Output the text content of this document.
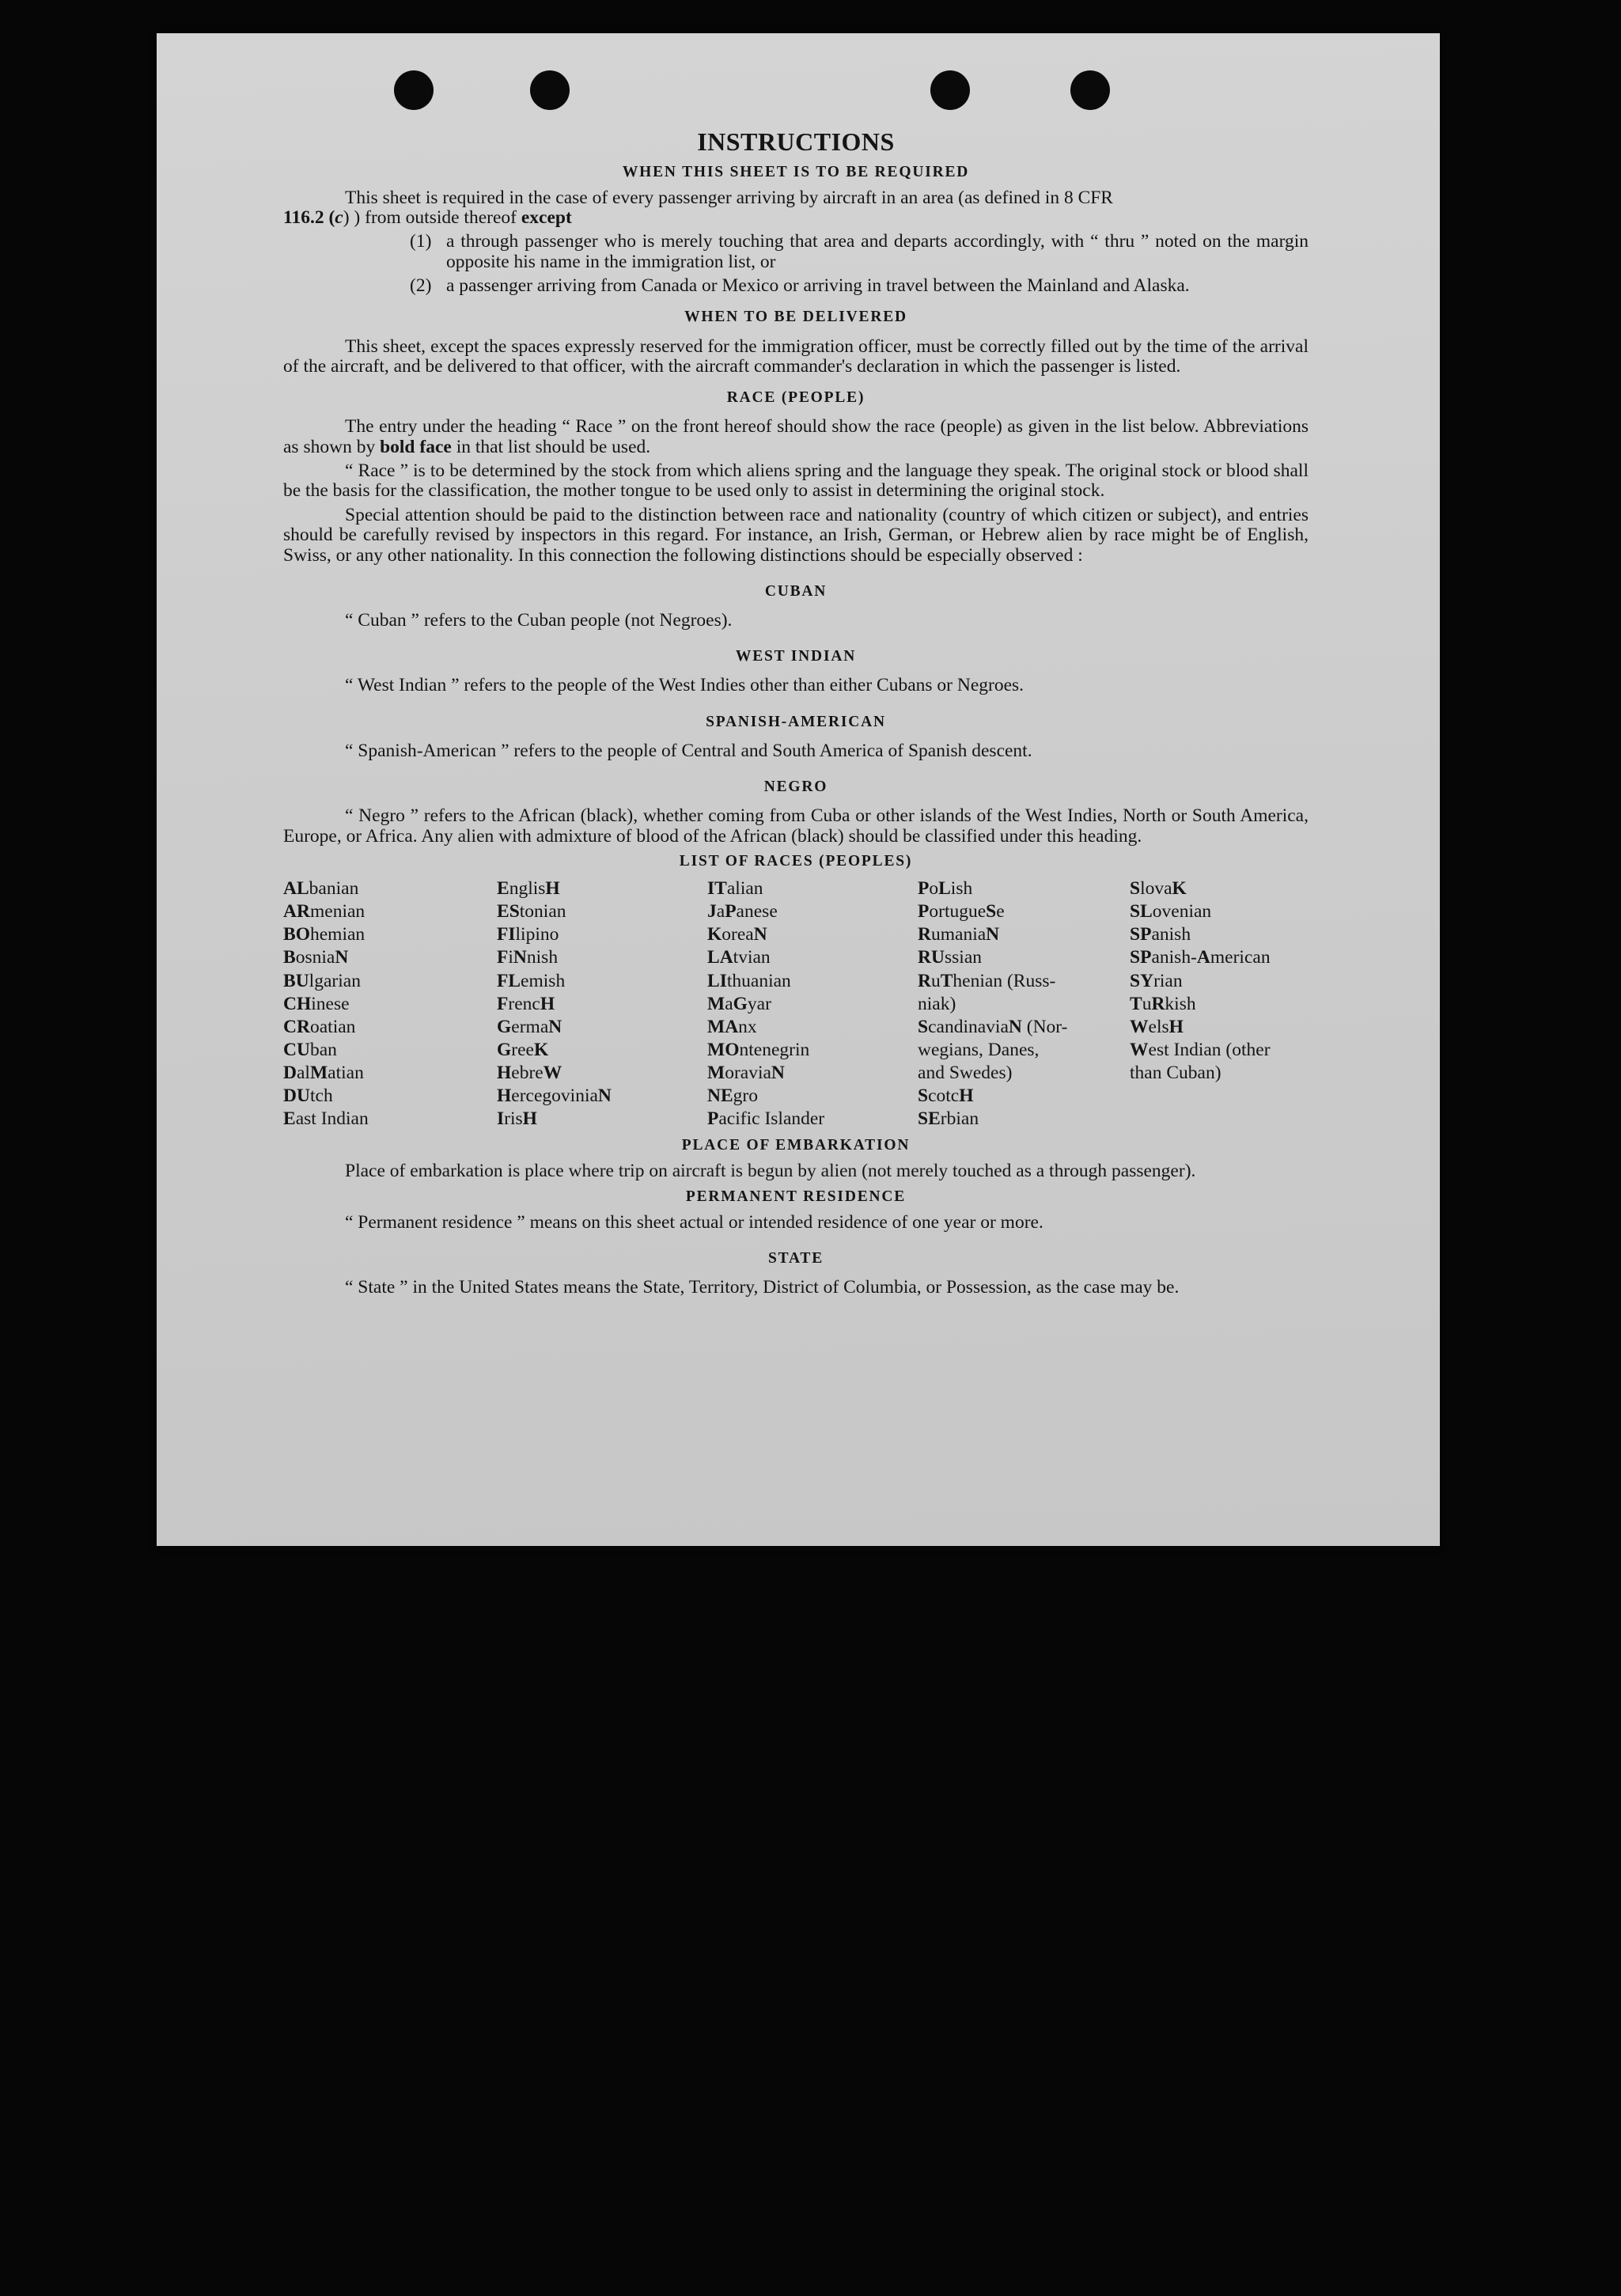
INSTRUCTIONS
WHEN THIS SHEET IS TO BE REQUIRED

This sheet is required in the case of every passenger arriving by aircraft in an area (as defined in 8 CFR

116.2 (c) ) from outside thereof except

(1) a through passenger who is merely touching that area and departs accordingly, with “ thru ” noted on the margin opposite his name in the immigration list, or
(2) a passenger arriving from Canada or Mexico or arriving in travel between the Mainland and Alaska.
WHEN TO BE DELIVERED

This sheet, except the spaces expressly reserved for the immigration officer, must be correctly filled out by the time of the arrival of the aircraft, and be delivered to that officer, with the aircraft commander's declaration in which the passenger is listed.

RACE (PEOPLE)

The entry under the heading “ Race ” on the front hereof should show the race (people) as given in the list below. Abbreviations as shown by bold face in that list should be used.

“ Race ” is to be determined by the stock from which aliens spring and the language they speak. The original stock or blood shall be the basis for the classification, the mother tongue to be used only to assist in determining the original stock.

Special attention should be paid to the distinction between race and nationality (country of which citizen or subject), and entries should be carefully revised by inspectors in this regard. For instance, an Irish, German, or Hebrew alien by race might be of English, Swiss, or any other nationality. In this connection the following distinctions should be especially observed :

CUBAN

“ Cuban ” refers to the Cuban people (not Negroes).

WEST INDIAN

“ West Indian ” refers to the people of the West Indies other than either Cubans or Negroes.

SPANISH-AMERICAN

“ Spanish-American ” refers to the people of Central and South America of Spanish descent.

NEGRO

“ Negro ” refers to the African (black), whether coming from Cuba or other islands of the West Indies, North or South America, Europe, or Africa. Any alien with admixture of blood of the African (black) should be classified under this heading.

LIST OF RACES (PEOPLES)
ALbanian
ARmenian
BOhemian
BosniaN
BUlgarian
CHinese
CRoatian
CUban
DalMatian
DUtch
East Indian
EnglisH
EStonian
FIlipino
FiNnish
FLemish
FrencH
GermaN
GreeK
HebreW
HercegoviniaN
IrisH
ITalian
JaPanese
KoreaN
LAtvian
LIthuanian
MaGyar
MAnx
MOntenegrin
MoraviaN
NEgro
Pacific Islander
PoLish
PortugueSe
RumaniaN
RUssian
RuThenian (Russ-
niak)
ScandinaviaN (Nor-
wegians, Danes,
and Swedes)
ScotcH
SErbian
SlovaK
SLovenian
SPanish
SPanish-American
SYrian
TuRkish
WelsH
West Indian (other
than Cuban)
PLACE OF EMBARKATION

Place of embarkation is place where trip on aircraft is begun by alien (not merely touched as a through passenger).

PERMANENT RESIDENCE

“ Permanent residence ” means on this sheet actual or intended residence of one year or more.

STATE

“ State ” in the United States means the State, Territory, District of Columbia, or Possession, as the case may be.
